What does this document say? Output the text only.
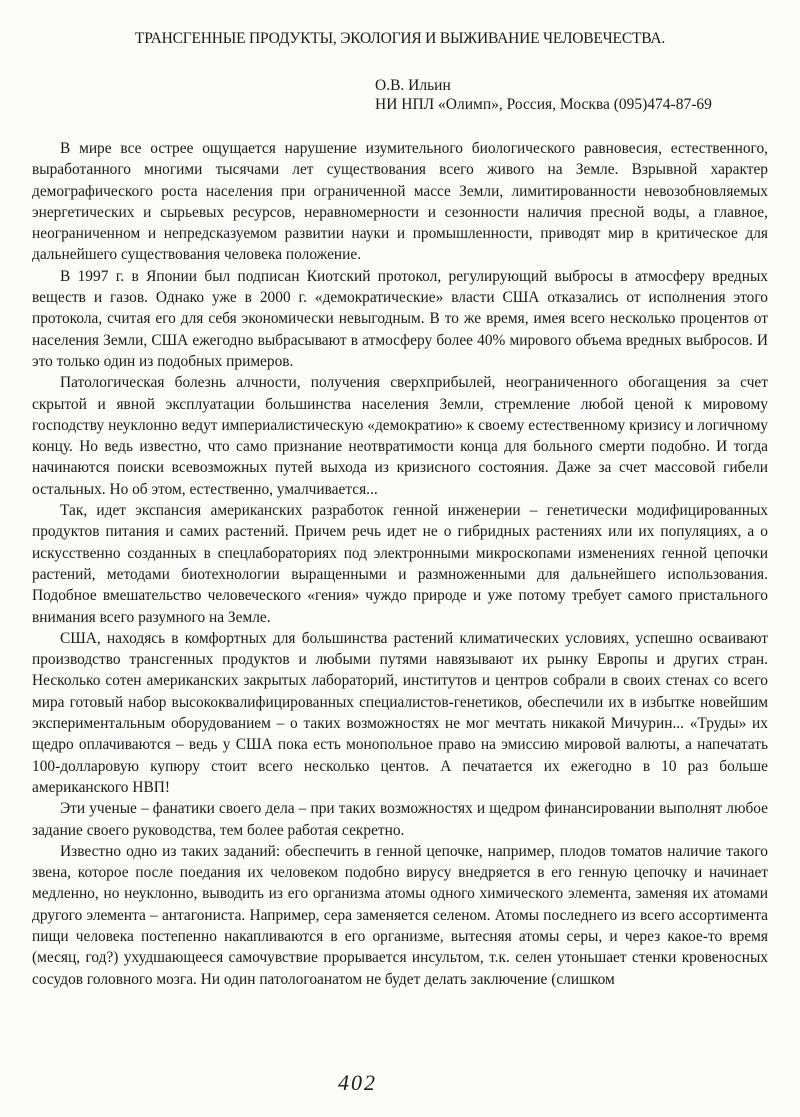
ТРАНСГЕННЫЕ ПРОДУКТЫ, ЭКОЛОГИЯ И ВЫЖИВАНИЕ ЧЕЛОВЕЧЕСТВА.
О.В. Ильин
НИ НПЛ «Олимп», Россия, Москва (095)474-87-69

В мире все острее ощущается нарушение изумительного биологического равновесия, естественного, выработанного многими тысячами лет существования всего живого на Земле. Взрывной характер демографического роста населения при ограниченной массе Земли, лимитированности невозобновляемых энергетических и сырьевых ресурсов, неравномерности и сезонности наличия пресной воды, а главное, неограниченном и непредсказуемом развитии науки и промышленности, приводят мир в критическое для дальнейшего существования человека положение.

В 1997 г. в Японии был подписан Киотский протокол, регулирующий выбросы в атмосферу вредных веществ и газов. Однако уже в 2000 г. «демократические» власти США отказались от исполнения этого протокола, считая его для себя экономически невыгодным. В то же время, имея всего несколько процентов от населения Земли, США ежегодно выбрасывают в атмосферу более 40% мирового объема вредных выбросов. И это только один из подобных примеров.

Патологическая болезнь алчности, получения сверхприбылей, неограниченного обогащения за счет скрытой и явной эксплуатации большинства населения Земли, стремление любой ценой к мировому господству неуклонно ведут империалистическую «демократию» к своему естественному кризису и логичному концу. Но ведь известно, что само признание неотвратимости конца для больного смерти подобно. И тогда начинаются поиски всевозможных путей выхода из кризисного состояния. Даже за счет массовой гибели остальных. Но об этом, естественно, умалчивается...

Так, идет экспансия американских разработок генной инженерии – генетически модифицированных продуктов питания и самих растений. Причем речь идет не о гибридных растениях или их популяциях, а о искусственно созданных в спецлабораториях под электронными микроскопами изменениях генной цепочки растений, методами биотехнологии выращенными и размноженными для дальнейшего использования. Подобное вмешательство человеческого «гения» чуждо природе и уже потому требует самого пристального внимания всего разумного на Земле.

США, находясь в комфортных для большинства растений климатических условиях, успешно осваивают производство трансгенных продуктов и любыми путями навязывают их рынку Европы и других стран. Несколько сотен американских закрытых лабораторий, институтов и центров собрали в своих стенах со всего мира готовый набор высококвалифицированных специалистов-генетиков, обеспечили их в избытке новейшим экспериментальным оборудованием – о таких возможностях не мог мечтать никакой Мичурин... «Труды» их щедро оплачиваются – ведь у США пока есть монопольное право на эмиссию мировой валюты, а напечатать 100-долларовую купюру стоит всего несколько центов. А печатается их ежегодно в 10 раз больше американского НВП!

Эти ученые – фанатики своего дела – при таких возможностях и щедром финансировании выполнят любое задание своего руководства, тем более работая секретно.

Известно одно из таких заданий: обеспечить в генной цепочке, например, плодов томатов наличие такого звена, которое после поедания их человеком подобно вирусу внедряется в его генную цепочку и начинает медленно, но неуклонно, выводить из его организма атомы одного химического элемента, заменяя их атомами другого элемента – антагониста. Например, сера заменяется селеном. Атомы последнего из всего ассортимента пищи человека постепенно накапливаются в его организме, вытесняя атомы серы, и через какое-то время (месяц, год?) ухудшающееся самочувствие прорывается инсультом, т.к. селен утоньшает стенки кровеносных сосудов головного мозга. Ни один патологоанатом не будет делать заключение (слишком

402
